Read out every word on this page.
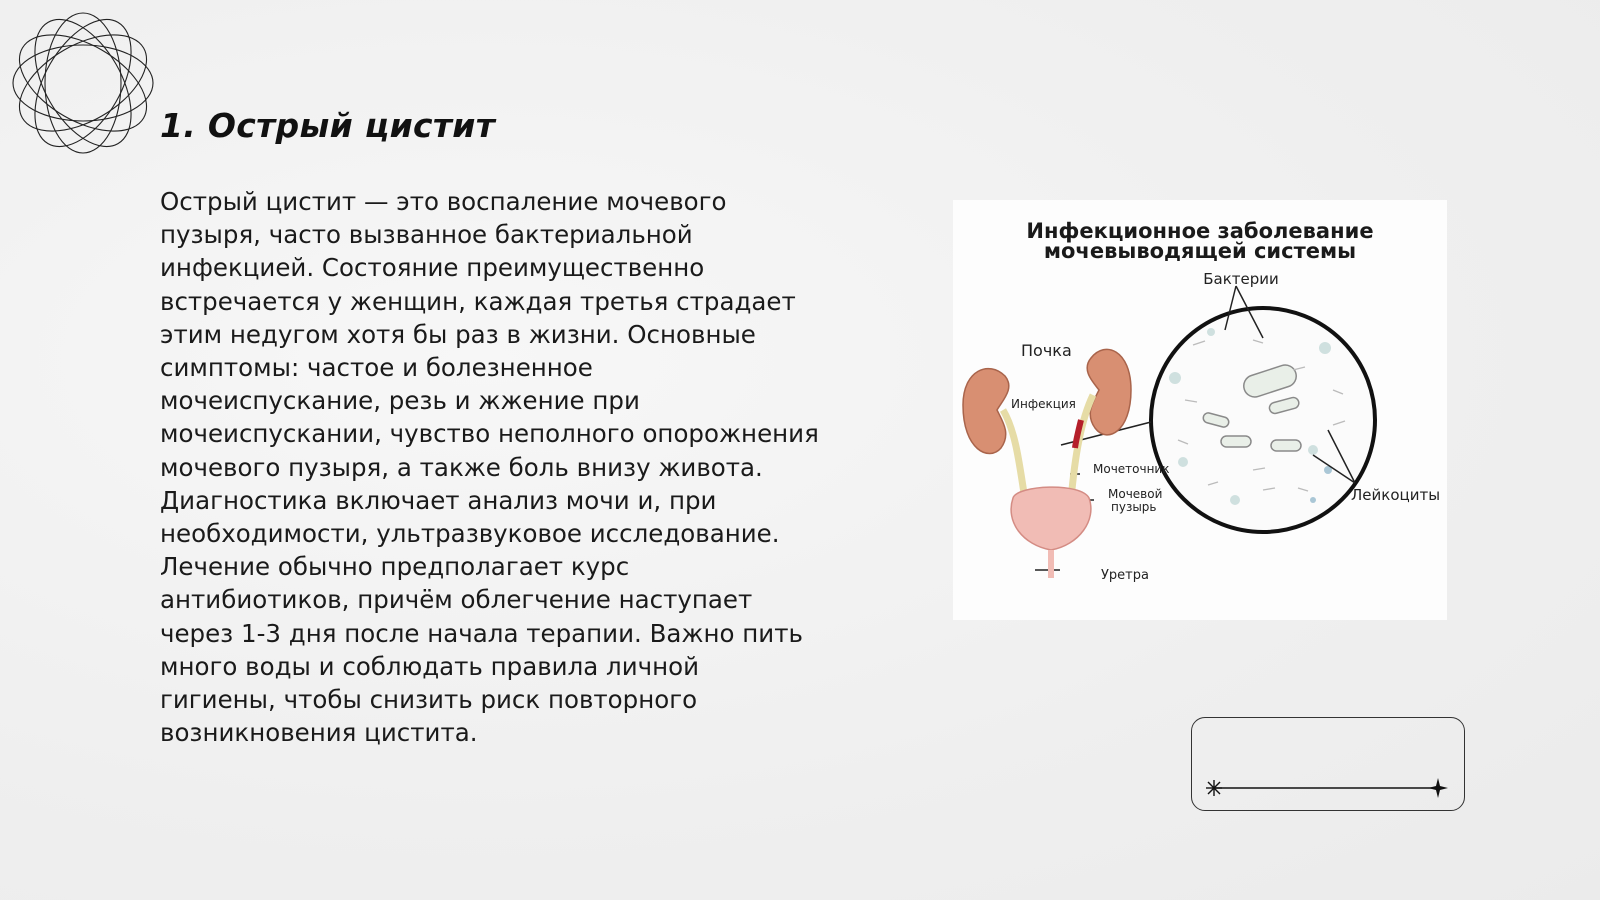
1. Острый цистит
Острый цистит — это воспаление мочевого пузыря, часто вызванное бактериальной инфекцией. Состояние преимущественно встречается у женщин, каждая третья страдает этим недугом хотя бы раз в жизни. Основные симптомы: частое и болезненное мочеиспускание, резь и жжение при мочеиспускании, чувство неполного опорожнения мочевого пузыря, а также боль внизу живота. Диагностика включает анализ мочи и, при необходимости, ультразвуковое исследование. Лечение обычно предполагает курс антибиотиков, причём облегчение наступает через 1-3 дня после начала терапии. Важно пить много воды и соблюдать правила личной гигиены, чтобы снизить риск повторного возникновения цистита.
Инфекционное заболевание
мочевыводящей системы
Бактерии
Почка
Инфекция
Мочеточник
Мочевой
пузырь
Уретра
Лейкоциты
